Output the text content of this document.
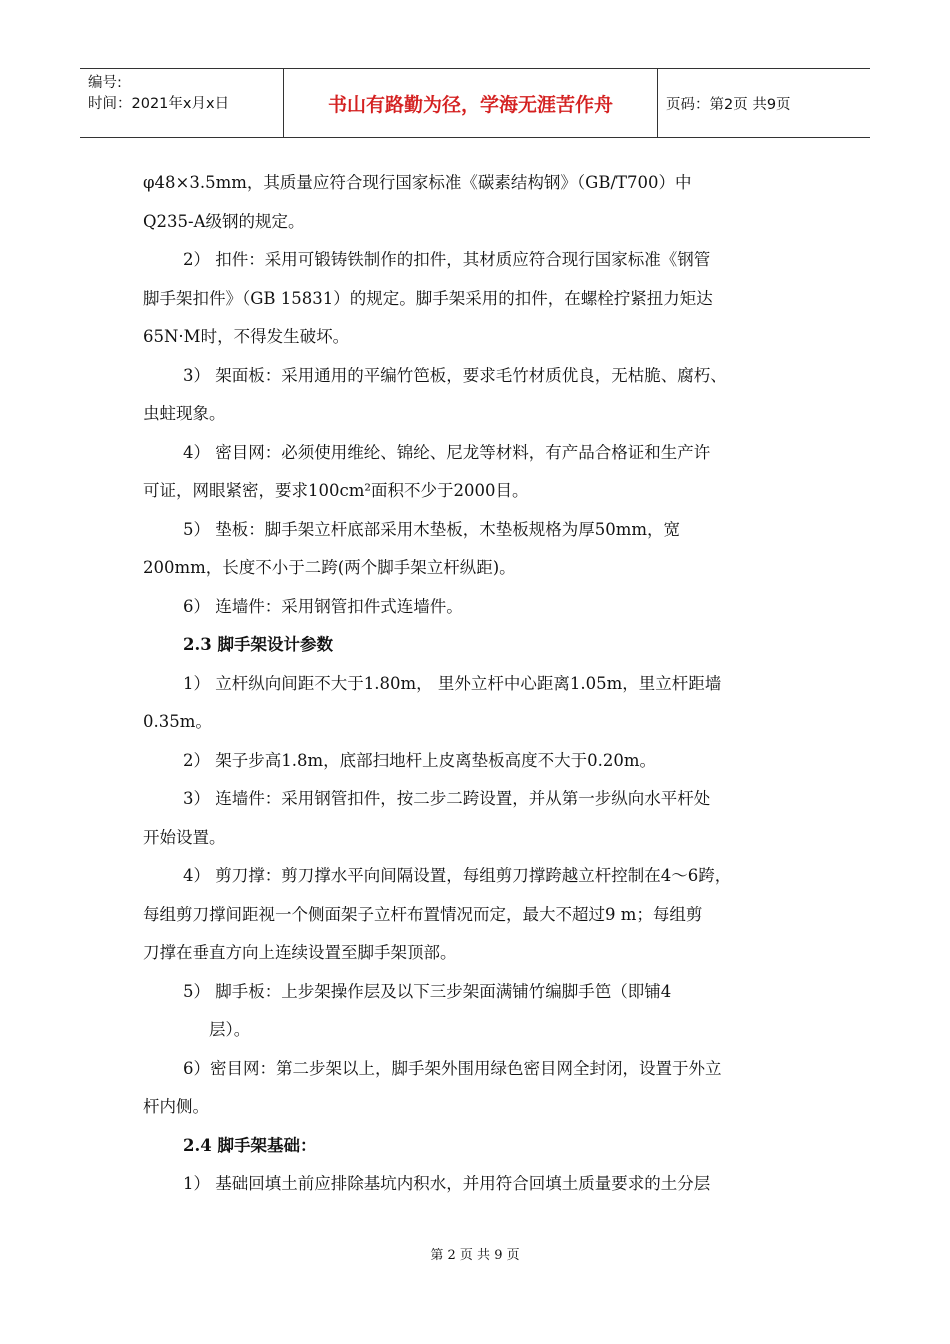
编号:
时间：2021年x月x日	书山有路勤为径，学海无涯苦作舟	页码：第2页 共9页
φ48×3.5mm，其质量应符合现行国家标准《碳素结构钢》（GB/T700）中
Q235-A级钢的规定。
2） 扣件：采用可锻铸铁制作的扣件，其材质应符合现行国家标准《钢管
脚手架扣件》（GB 15831）的规定。脚手架采用的扣件，在螺栓拧紧扭力矩达
65N·M时，不得发生破坏。
3） 架面板：采用通用的平编竹笆板，要求毛竹材质优良，无枯脆、腐朽、
虫蛀现象。
4） 密目网：必须使用维纶、锦纶、尼龙等材料，有产品合格证和生产许
可证，网眼紧密，要求100cm²面积不少于2000目。
5） 垫板：脚手架立杆底部采用木垫板，木垫板规格为厚50mm，宽
200mm，长度不小于二跨(两个脚手架立杆纵距)。
6） 连墙件：采用钢管扣件式连墙件。
2.3 脚手架设计参数
1） 立杆纵向间距不大于1.80m， 里外立杆中心距离1.05m，里立杆距墙
0.35m。
2） 架子步高1.8m，底部扫地杆上皮离垫板高度不大于0.20m。
3） 连墙件：采用钢管扣件，按二步二跨设置，并从第一步纵向水平杆处
开始设置。
4） 剪刀撑：剪刀撑水平向间隔设置，每组剪刀撑跨越立杆控制在4～6跨，
每组剪刀撑间距视一个侧面架子立杆布置情况而定，最大不超过9 m；每组剪
刀撑在垂直方向上连续设置至脚手架顶部。
5） 脚手板：上步架操作层及以下三步架面满铺竹编脚手笆（即铺4
层）。
6）密目网：第二步架以上，脚手架外围用绿色密目网全封闭，设置于外立
杆内侧。
2.4 脚手架基础：
1） 基础回填土前应排除基坑内积水，并用符合回填土质量要求的土分层
第 2 页 共 9 页
